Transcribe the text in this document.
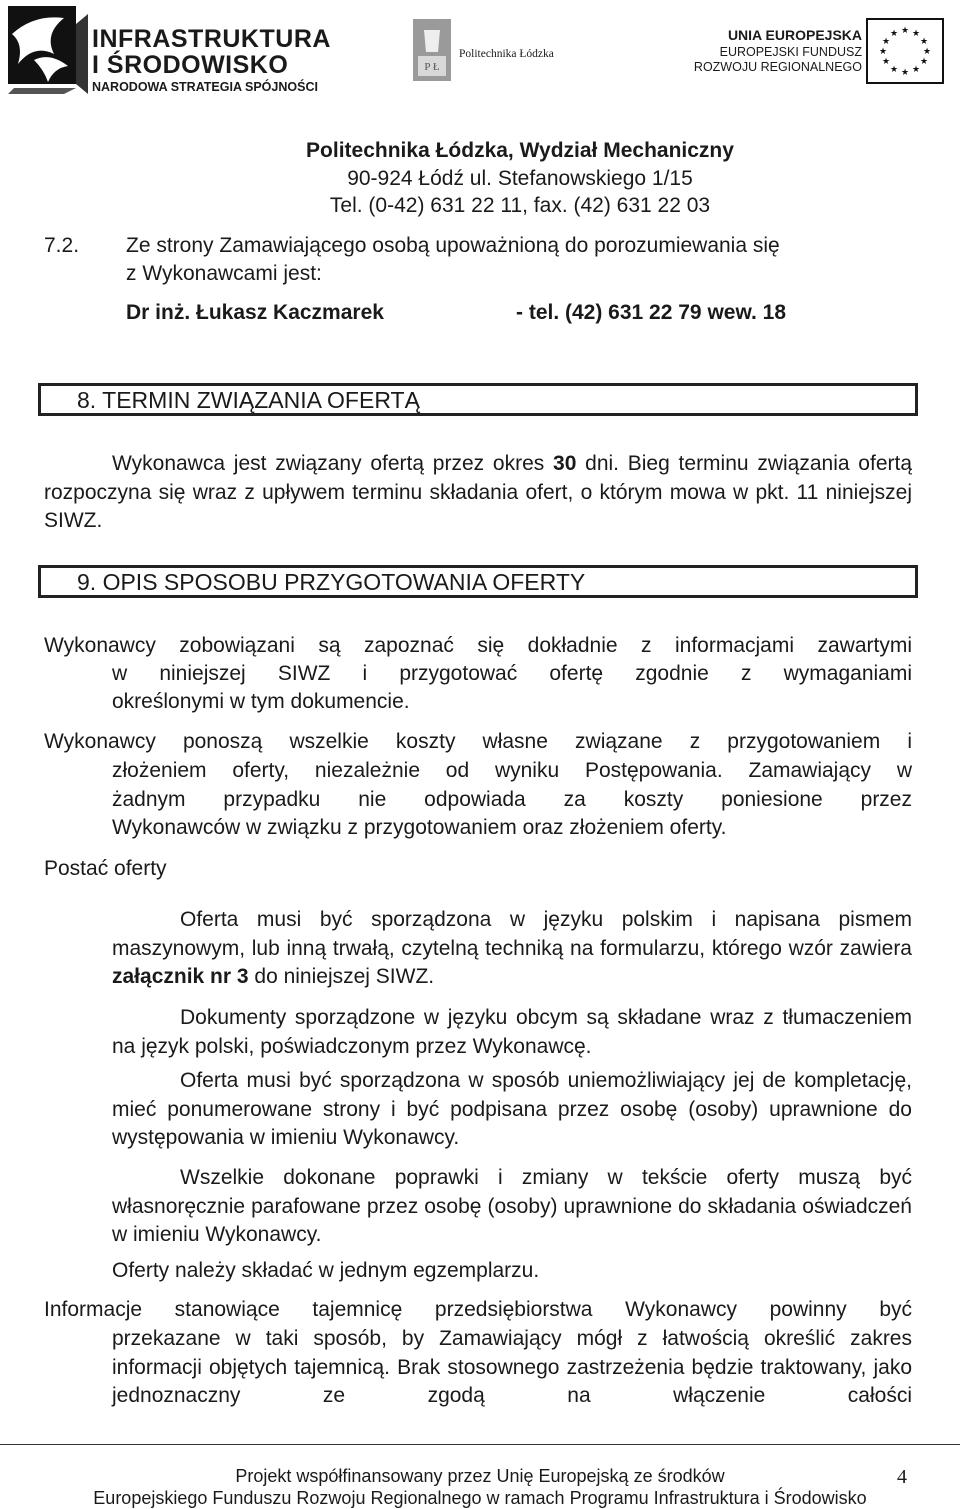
INFRASTRUKTURA
I ŚRODOWISKO
NARODOWA STRATEGIA SPÓJNOŚCI
P Ł
Politechnika Łódzka
UNIA EUROPEJSKA
EUROPEJSKI FUNDUSZ
ROZWOJU REGIONALNEGO
★ ★
★
★
★
★
★
★
★
★
★
★
Politechnika Łódzka, Wydział Mechaniczny
90-924 Łódź ul. Stefanowskiego 1/15
Tel. (0-42) 631 22 11, fax. (42) 631 22 03
7.2. Ze strony Zamawiającego osobą upoważnioną do porozumiewania się
z Wykonawcami jest:
Dr inż. Łukasz Kaczmarek	- tel. (42) 631 22 79 wew. 18
8. TERMIN ZWIĄZANIA OFERTĄ
Wykonawca jest związany ofertą przez okres 30 dni. Bieg terminu związania ofertą rozpoczyna się wraz z upływem terminu składania ofert, o którym mowa w pkt. 11 niniejszej SIWZ.
9. OPIS SPOSOBU PRZYGOTOWANIA OFERTY
Wykonawcy zobowiązani są zapoznać się dokładnie z informacjami zawartymi
w niniejszej SIWZ i przygotować ofertę zgodnie z wymaganiami
określonymi w tym dokumencie.
Wykonawcy ponoszą wszelkie koszty własne związane z przygotowaniem i
złożeniem oferty, niezależnie od wyniku Postępowania. Zamawiający w
żadnym przypadku nie odpowiada za koszty poniesione przez
Wykonawców w związku z przygotowaniem oraz złożeniem oferty.
Postać oferty
Oferta musi być sporządzona w języku polskim i napisana pismem maszynowym, lub inną trwałą, czytelną techniką na formularzu, którego wzór zawiera załącznik nr 3 do niniejszej SIWZ.
Dokumenty sporządzone w języku obcym są składane wraz z tłumaczeniem na język polski, poświadczonym przez Wykonawcę.
Oferta musi być sporządzona w sposób uniemożliwiający jej de kompletację, mieć ponumerowane strony i być podpisana przez osobę (osoby) uprawnione do występowania w imieniu Wykonawcy.
Wszelkie dokonane poprawki i zmiany w tekście oferty muszą być własnoręcznie parafowane przez osobę (osoby) uprawnione do składania oświadczeń w imieniu Wykonawcy.
Oferty należy składać w jednym egzemplarzu.
Informacje stanowiące tajemnicę przedsiębiorstwa Wykonawcy powinny być
przekazane w taki sposób, by Zamawiający mógł z łatwością określić zakres informacji objętych tajemnicą. Brak stosownego zastrzeżenia będzie traktowany, jako jednoznaczny ze zgodą na włączenie całości
Projekt współfinansowany przez Unię Europejską ze środków
Europejskiego Funduszu Rozwoju Regionalnego w ramach Programu Infrastruktura i Środowisko
4
